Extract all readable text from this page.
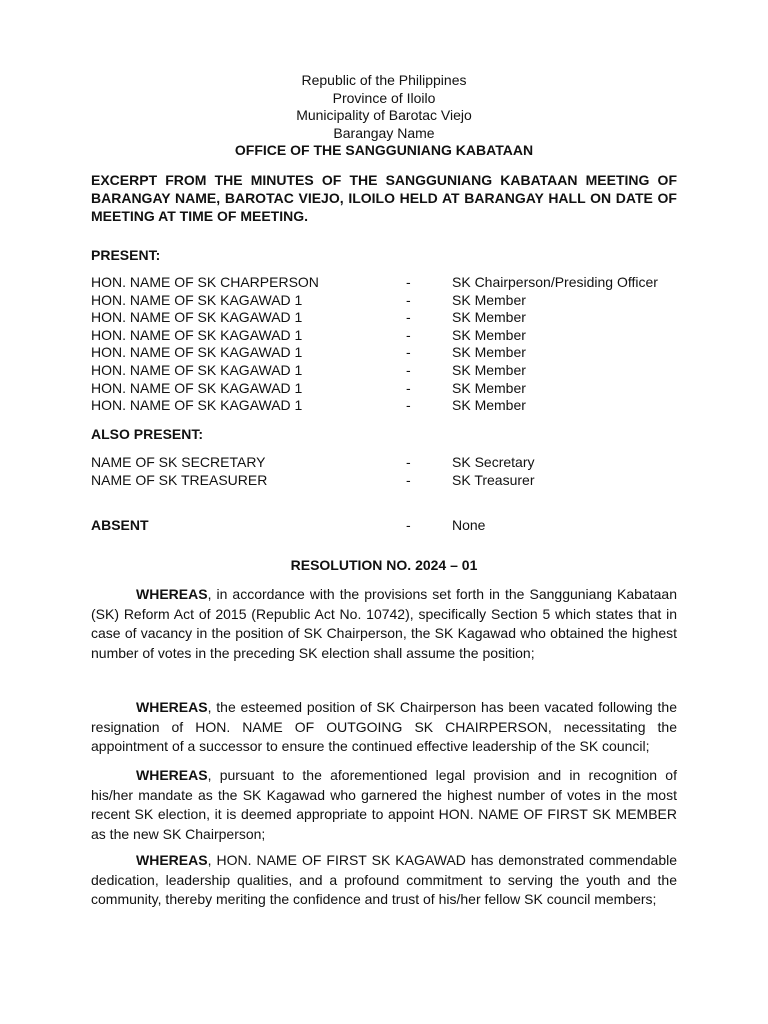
Republic of the Philippines
Province of Iloilo
Municipality of Barotac Viejo
Barangay Name
OFFICE OF THE SANGGUNIANG KABATAAN
EXCERPT FROM THE MINUTES OF THE SANGGUNIANG KABATAAN MEETING OF BARANGAY NAME, BAROTAC VIEJO, ILOILO HELD AT BARANGAY HALL ON DATE OF MEETING AT TIME OF MEETING.
PRESENT:
HON. NAME OF SK CHARPERSON	-	SK Chairperson/Presiding Officer
HON. NAME OF SK KAGAWAD 1	-	SK Member
HON. NAME OF SK KAGAWAD 1	-	SK Member
HON. NAME OF SK KAGAWAD 1	-	SK Member
HON. NAME OF SK KAGAWAD 1	-	SK Member
HON. NAME OF SK KAGAWAD 1	-	SK Member
HON. NAME OF SK KAGAWAD 1	-	SK Member
HON. NAME OF SK KAGAWAD 1	-	SK Member
ALSO PRESENT:
NAME OF SK SECRETARY	-	SK Secretary
NAME OF SK TREASURER	-	SK Treasurer
ABSENT	-	None
RESOLUTION NO. 2024 – 01

WHEREAS, in accordance with the provisions set forth in the Sangguniang Kabataan (SK) Reform Act of 2015 (Republic Act No. 10742), specifically Section 5 which states that in case of vacancy in the position of SK Chairperson, the SK Kagawad who obtained the highest number of votes in the preceding SK election shall assume the position;

WHEREAS, the esteemed position of SK Chairperson has been vacated following the resignation of HON. NAME OF OUTGOING SK CHAIRPERSON, necessitating the appointment of a successor to ensure the continued effective leadership of the SK council;

WHEREAS, pursuant to the aforementioned legal provision and in recognition of his/her mandate as the SK Kagawad who garnered the highest number of votes in the most recent SK election, it is deemed appropriate to appoint HON. NAME OF FIRST SK MEMBER as the new SK Chairperson;

WHEREAS, HON. NAME OF FIRST SK KAGAWAD has demonstrated commendable dedication, leadership qualities, and a profound commitment to serving the youth and the community, thereby meriting the confidence and trust of his/her fellow SK council members;
